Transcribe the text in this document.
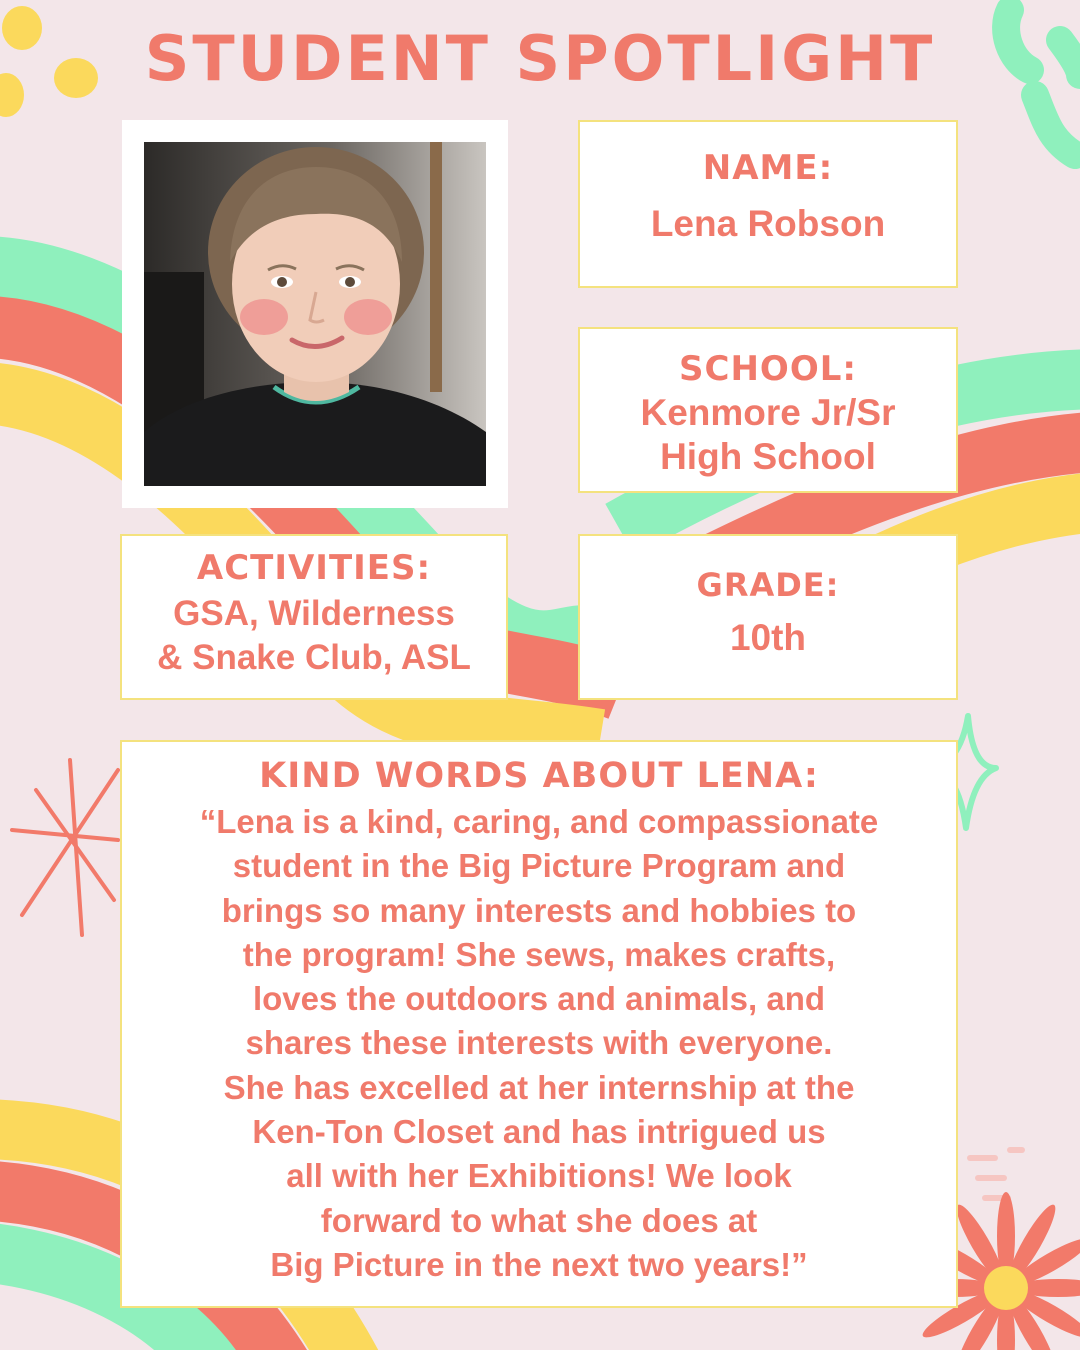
STUDENT SPOTLIGHT
NAME:
Lena Robson
SCHOOL:
Kenmore Jr/Sr
High School
ACTIVITIES:
GSA, Wilderness
& Snake Club, ASL
GRADE:
10th
KIND WORDS ABOUT LENA:
“Lena is a kind, caring, and compassionate
student in the Big Picture Program and
brings so many interests and hobbies to
the program! She sews, makes crafts,
loves the outdoors and animals, and
shares these interests with everyone.
She has excelled at her internship at the
Ken-Ton Closet and has intrigued us
all with her Exhibitions! We look
forward to what she does at
Big Picture in the next two years!”
